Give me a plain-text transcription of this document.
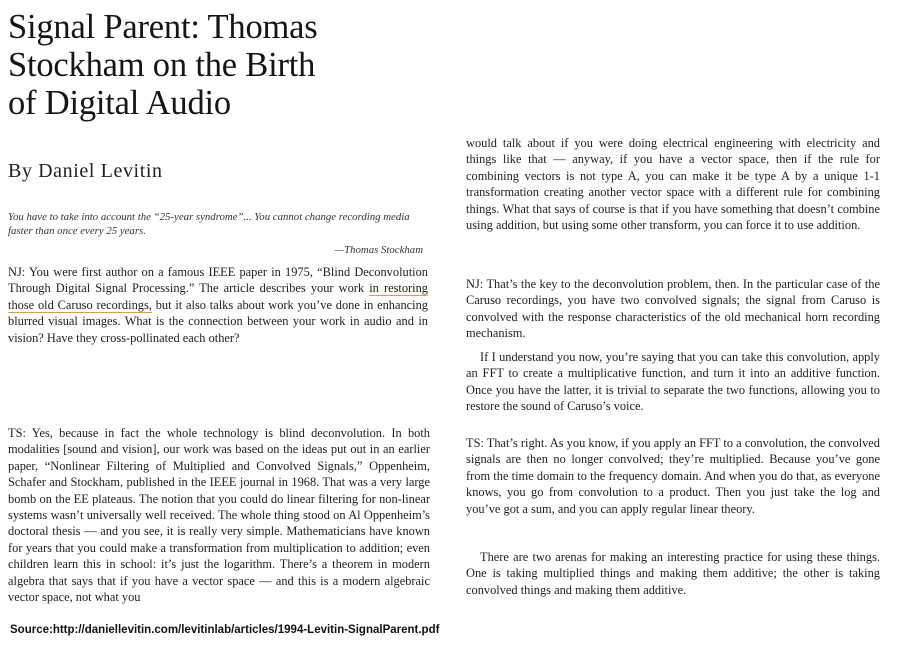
Signal Parent: Thomas
Stockham on the Birth
of Digital Audio

By Daniel Levitin

You have to take into account the “25-year syndrome”... You cannot change recording media faster than once every 25 years.

—Thomas Stockham

NJ: You were first author on a famous IEEE paper in 1975, “Blind Deconvolution Through Digital Signal Processing.” The article describes your work in restoring those old Caruso recordings, but it also talks about work you’ve done in enhancing blurred visual images. What is the connection between your work in audio and in vision? Have they cross-pollinated each other?

TS: Yes, because in fact the whole technology is blind deconvolution. In both modalities [sound and vision], our work was based on the ideas put out in an earlier paper, “Nonlinear Filtering of Multiplied and Convolved Signals,” Oppenheim, Schafer and Stockham, published in the IEEE journal in 1968. That was a very large bomb on the EE plateaus. The notion that you could do linear filtering for non-linear systems wasn’t universally well received. The whole thing stood on Al Oppenheim’s doctoral thesis — and you see, it is really very simple. Mathematicians have known for years that you could make a transformation from multiplication to addition; even children learn this in school: it’s just the logarithm. There’s a theorem in modern algebra that says that if you have a vector space — and this is a modern algebraic vector space, not what you

would talk about if you were doing electrical engineering with electricity and things like that — anyway, if you have a vector space, then if the rule for combining vectors is not type A, you can make it be type A by a unique 1-1 transformation creating another vector space with a different rule for combining things. What that says of course is that if you have something that doesn’t combine using addition, but using some other transform, you can force it to use addition.

NJ: That’s the key to the deconvolution problem, then. In the particular case of the Caruso recordings, you have two convolved signals; the signal from Caruso is convolved with the response characteristics of the old mechanical horn recording mechanism.

If I understand you now, you’re saying that you can take this convolution, apply an FFT to create a multiplicative function, and turn it into an additive function. Once you have the latter, it is trivial to separate the two functions, allowing you to restore the sound of Caruso’s voice.

TS: That’s right. As you know, if you apply an FFT to a convolution, the convolved signals are then no longer convolved; they’re multiplied. Because you’ve gone from the time domain to the frequency domain. And when you do that, as everyone knows, you go from convolution to a product. Then you just take the log and you’ve got a sum, and you can apply regular linear theory.

There are two arenas for making an interesting practice for using these things. One is taking multiplied things and making them additive; the other is taking convolved things and making them additive.

Source:http://daniellevitin.com/levitinlab/articles/1994-Levitin-SignalParent.pdf
